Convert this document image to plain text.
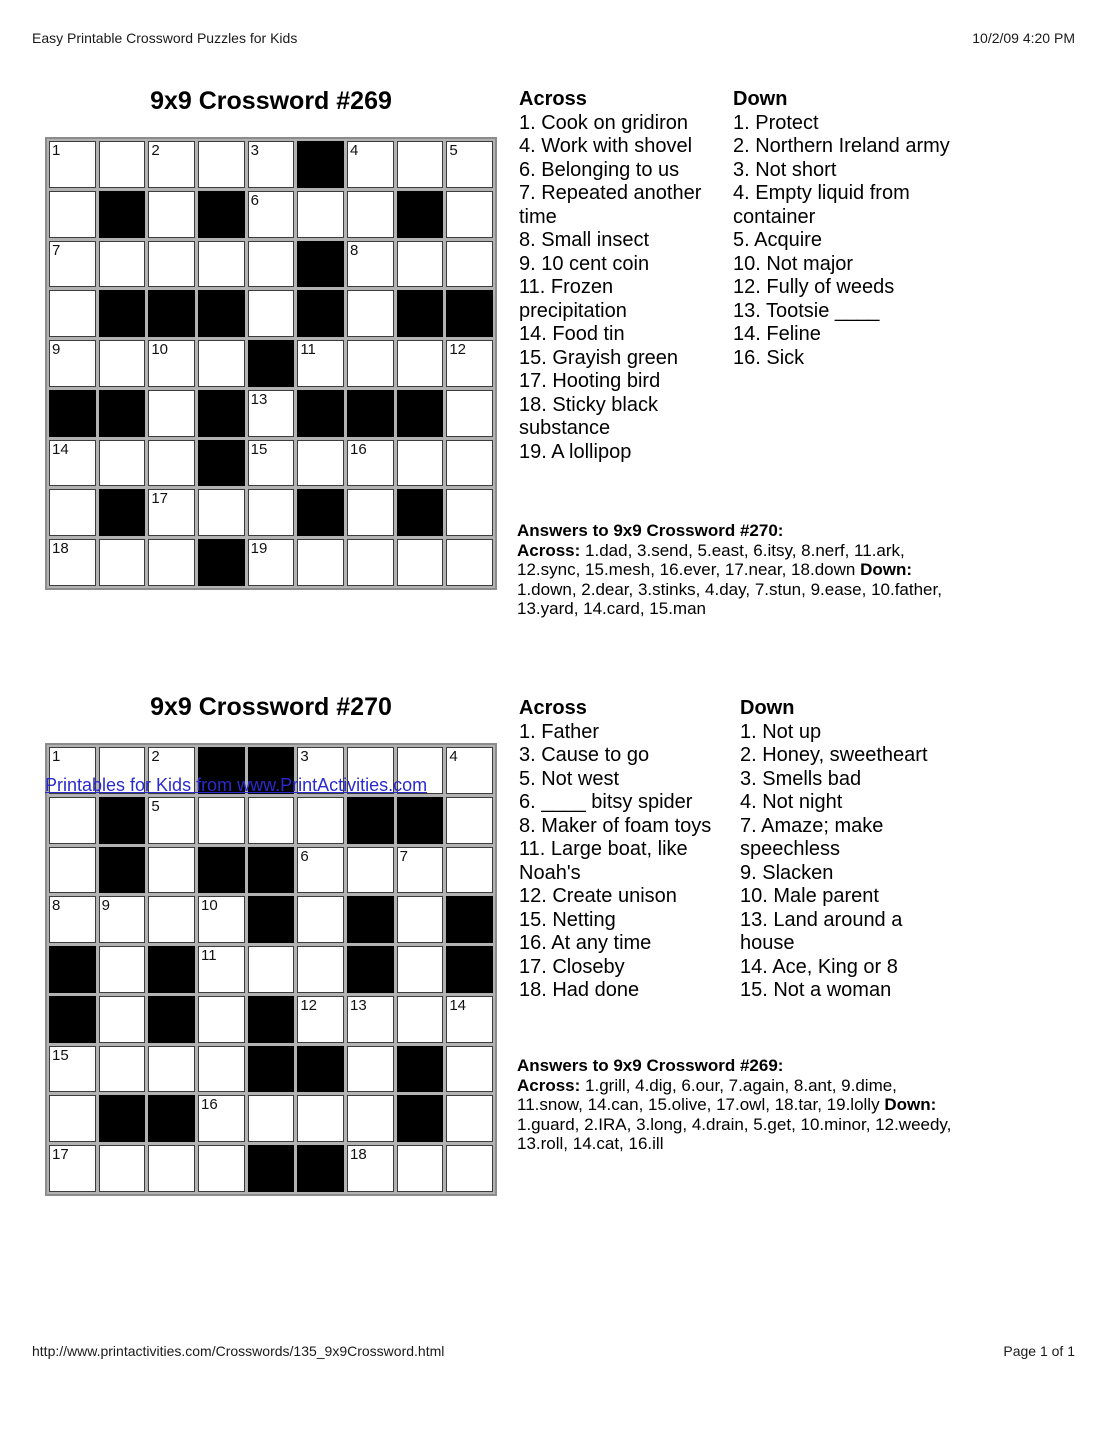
Easy Printable Crossword Puzzles for Kids	10/2/09 4:20 PM
9x9 Crossword #269
1	2	3	4	5
6
7	8
9	10	11	12
13
14	15	16
17
18	19
Across
1. Cook on gridiron
4. Work with shovel
6. Belonging to us
7. Repeated another time
8. Small insect
9. 10 cent coin
11. Frozen precipitation
14. Food tin
15. Grayish green
17. Hooting bird
18. Sticky black substance
19. A lollipop
Down
1. Protect
2. Northern Ireland army
3. Not short
4. Empty liquid from container
5. Acquire
10. Not major
12. Fully of weeds
13. Tootsie ____
14. Feline
16. Sick
Answers to 9x9 Crossword #270:
Across: 1.dad, 3.send, 5.east, 6.itsy, 8.nerf, 11.ark, 12.sync, 15.mesh, 16.ever, 17.near, 18.down Down: 1.down, 2.dear, 3.stinks, 4.day, 7.stun, 9.ease, 10.father, 13.yard, 14.card, 15.man
9x9 Crossword #270
1	2	3	4
5
6	7
8	9	10
11
12 13	14
15
16
17	18
Printables for Kids from www.PrintActivities.com
Across
1. Father
3. Cause to go
5. Not west
6. ____ bitsy spider
8. Maker of foam toys
11. Large boat, like Noah's
12. Create unison
15. Netting
16. At any time
17. Closeby
18. Had done
Down
1. Not up
2. Honey, sweetheart
3. Smells bad
4. Not night
7. Amaze; make speechless
9. Slacken
10. Male parent
13. Land around a house
14. Ace, King or 8
15. Not a woman
Answers to 9x9 Crossword #269:
Across: 1.grill, 4.dig, 6.our, 7.again, 8.ant, 9.dime, 11.snow, 14.can, 15.olive, 17.owl, 18.tar, 19.lolly Down: 1.guard, 2.IRA, 3.long, 4.drain, 5.get, 10.minor, 12.weedy, 13.roll, 14.cat, 16.ill
http://www.printactivities.com/Crosswords/135_9x9Crossword.html	Page 1 of 1
